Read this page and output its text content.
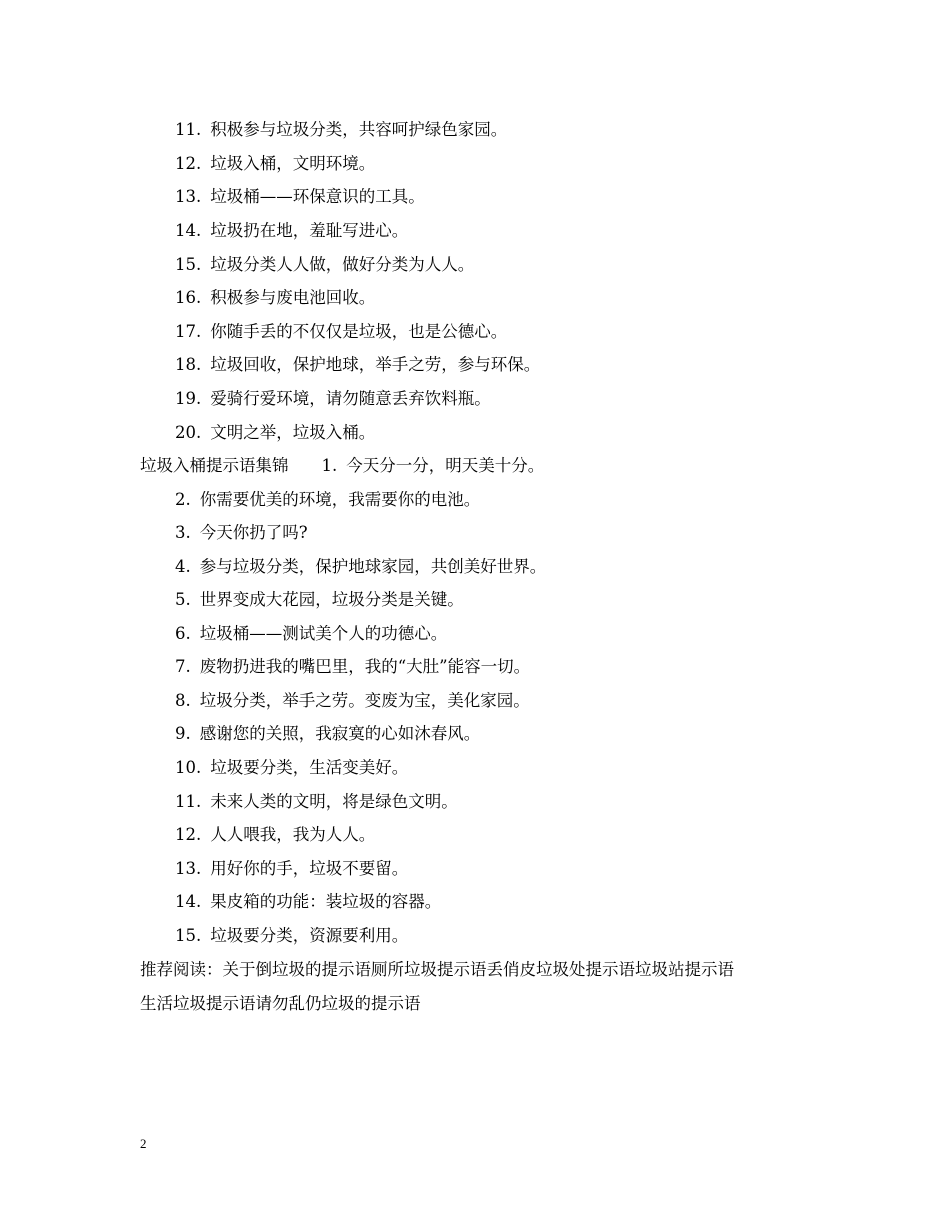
11. 积极参与垃圾分类，共容呵护绿色家园。
12. 垃圾入桶，文明环境。
13. 垃圾桶——环保意识的工具。
14. 垃圾扔在地，羞耻写进心。
15. 垃圾分类人人做，做好分类为人人。
16. 积极参与废电池回收。
17. 你随手丢的不仅仅是垃圾，也是公德心。
18. 垃圾回收，保护地球，举手之劳，参与环保。
19. 爱骑行爱环境，请勿随意丢弃饮料瓶。
20. 文明之举，垃圾入桶。
垃圾入桶提示语集锦 1. 今天分一分，明天美十分。
2. 你需要优美的环境，我需要你的电池。
3. 今天你扔了吗?
4. 参与垃圾分类，保护地球家园，共创美好世界。
5. 世界变成大花园，垃圾分类是关键。
6. 垃圾桶——测试美个人的功德心。
7. 废物扔进我的嘴巴里，我的“大肚”能容一切。
8. 垃圾分类，举手之劳。变废为宝，美化家园。
9. 感谢您的关照，我寂寞的心如沐春风。
10. 垃圾要分类，生活变美好。
11. 未来人类的文明，将是绿色文明。
12. 人人喂我，我为人人。
13. 用好你的手，垃圾不要留。
14. 果皮箱的功能：装垃圾的容器。
15. 垃圾要分类，资源要利用。
推荐阅读：关于倒垃圾的提示语厕所垃圾提示语丢俏皮垃圾处提示语垃圾站提示语
生活垃圾提示语请勿乱仍垃圾的提示语
2
